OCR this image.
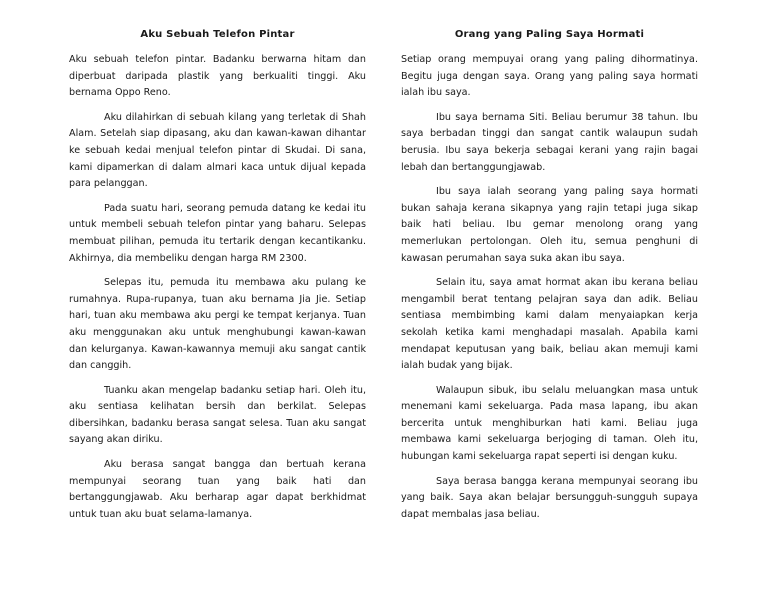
Aku Sebuah Telefon Pintar

Aku sebuah telefon pintar. Badanku berwarna hitam dan diperbuat daripada plastik yang berkualiti tinggi. Aku bernama Oppo Reno.

Aku dilahirkan di sebuah kilang yang terletak di Shah Alam. Setelah siap dipasang, aku dan kawan-kawan dihantar ke sebuah kedai menjual telefon pintar di Skudai. Di sana, kami dipamerkan di dalam almari kaca untuk dijual kepada para pelanggan.

Pada suatu hari, seorang pemuda datang ke kedai itu untuk membeli sebuah telefon pintar yang baharu. Selepas membuat pilihan, pemuda itu tertarik dengan kecantikanku. Akhirnya, dia membeliku dengan harga RM 2300.

Selepas itu, pemuda itu membawa aku pulang ke rumahnya. Rupa-rupanya, tuan aku bernama Jia Jie. Setiap hari, tuan aku membawa aku pergi ke tempat kerjanya. Tuan aku menggunakan aku untuk menghubungi kawan-kawan dan kelurganya. Kawan-kawannya memuji aku sangat cantik dan canggih.

Tuanku akan mengelap badanku setiap hari. Oleh itu, aku sentiasa kelihatan bersih dan berkilat. Selepas dibersihkan, badanku berasa sangat selesa. Tuan aku sangat sayang akan diriku.

Aku berasa sangat bangga dan bertuah kerana mempunyai seorang tuan yang baik hati dan bertanggungjawab. Aku berharap agar dapat berkhidmat untuk tuan aku buat selama-lamanya.

Orang yang Paling Saya Hormati

Setiap orang mempuyai orang yang paling dihormatinya. Begitu juga dengan saya. Orang yang paling saya hormati ialah ibu saya.

Ibu saya bernama Siti. Beliau berumur 38 tahun. Ibu saya berbadan tinggi dan sangat cantik walaupun sudah berusia. Ibu saya bekerja sebagai kerani yang rajin bagai lebah dan bertanggungjawab.

Ibu saya ialah seorang yang paling saya hormati bukan sahaja kerana sikapnya yang rajin tetapi juga sikap baik hati beliau. Ibu gemar menolong orang yang memerlukan pertolongan. Oleh itu, semua penghuni di kawasan perumahan saya suka akan ibu saya.

Selain itu, saya amat hormat akan ibu kerana beliau mengambil berat tentang pelajran saya dan adik. Beliau sentiasa membimbing kami dalam menyaiapkan kerja sekolah ketika kami menghadapi masalah. Apabila kami mendapat keputusan yang baik, beliau akan memuji kami ialah budak yang bijak.

Walaupun sibuk, ibu selalu meluangkan masa untuk menemani kami sekeluarga. Pada masa lapang, ibu akan bercerita untuk menghiburkan hati kami. Beliau juga membawa kami sekeluarga berjoging di taman. Oleh itu, hubungan kami sekeluarga rapat seperti isi dengan kuku.

Saya berasa bangga kerana mempunyai seorang ibu yang baik. Saya akan belajar bersungguh-sungguh supaya dapat membalas jasa beliau.
